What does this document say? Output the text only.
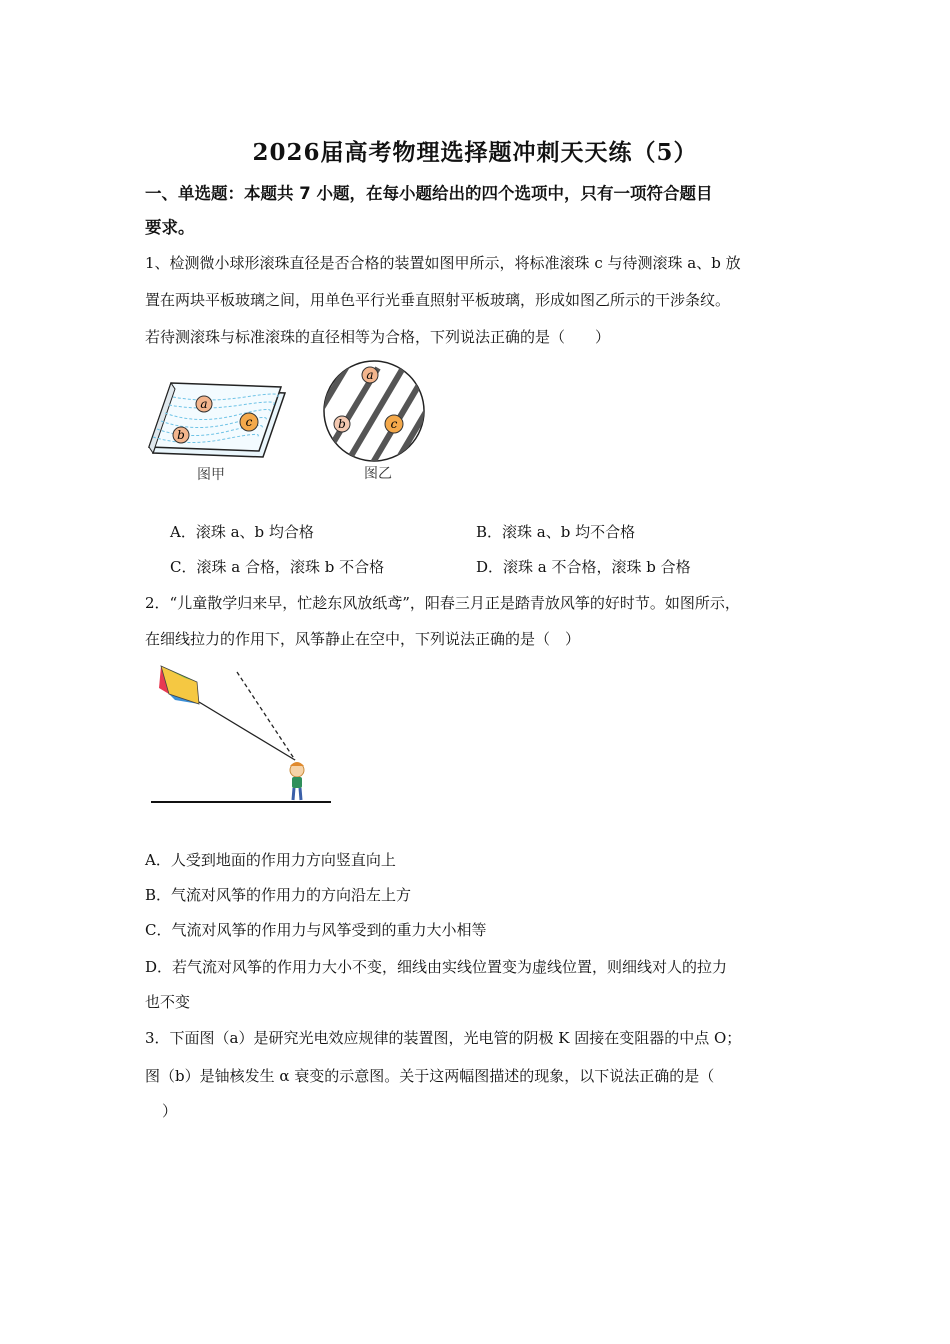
2026届高考物理选择题冲刺天天练（5）
一、单选题：本题共 7 小题，在每小题给出的四个选项中，只有一项符合题目
要求。
1、检测微小球形滚珠直径是否合格的装置如图甲所示，将标准滚珠 c 与待测滚珠 a、b 放
置在两块平板玻璃之间，用单色平行光垂直照射平板玻璃，形成如图乙所示的干涉条纹。
若待测滚珠与标准滚珠的直径相等为合格，下列说法正确的是（　　）
a
b
c
图甲
a
b	c
图乙
A．滚珠 a、b 均合格	B．滚珠 a、b 均不合格
C．滚珠 a 合格，滚珠 b 不合格	D．滚珠 a 不合格，滚珠 b 合格
2．“儿童散学归来早，忙趁东风放纸鸢”，阳春三月正是踏青放风筝的好时节。如图所示，
在细线拉力的作用下，风筝静止在空中，下列说法正确的是（　）
A．人受到地面的作用力方向竖直向上
B．气流对风筝的作用力的方向沿左上方
C．气流对风筝的作用力与风筝受到的重力大小相等
D．若气流对风筝的作用力大小不变，细线由实线位置变为虚线位置，则细线对人的拉力
也不变
3．下面图（a）是研究光电效应规律的装置图，光电管的阴极 K 固接在变阻器的中点 O；
图（b）是铀核发生 α 衰变的示意图。关于这两幅图描述的现象，以下说法正确的是（
）
